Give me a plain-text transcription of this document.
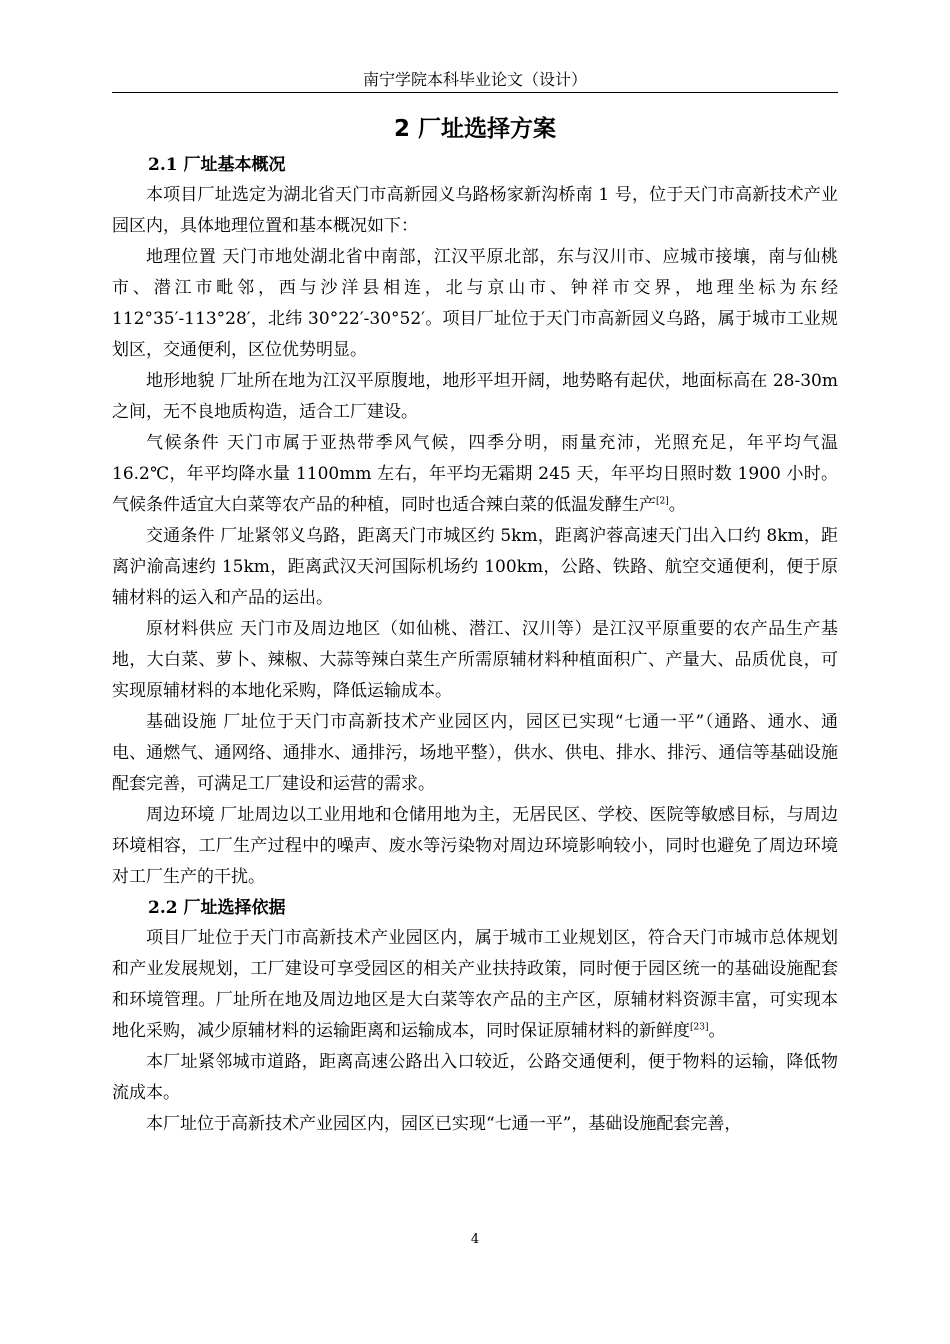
南宁学院本科毕业论文（设计）
2 厂址选择方案
2.1 厂址基本概况

本项目厂址选定为湖北省天门市高新园义乌路杨家新沟桥南 1 号，位于天门市高新技术产业园区内，具体地理位置和基本概况如下：

地理位置 天门市地处湖北省中南部，江汉平原北部，东与汉川市、应城市接壤，南与仙桃市、潜江市毗邻，西与沙洋县相连，北与京山市、钟祥市交界，地理坐标为东经 112°35′-113°28′，北纬 30°22′-30°52′。项目厂址位于天门市高新园义乌路，属于城市工业规划区，交通便利，区位优势明显。

地形地貌 厂址所在地为江汉平原腹地，地形平坦开阔，地势略有起伏，地面标高在 28-30m 之间，无不良地质构造，适合工厂建设。

气候条件 天门市属于亚热带季风气候，四季分明，雨量充沛，光照充足，年平均气温 16.2℃，年平均降水量 1100mm 左右，年平均无霜期 245 天，年平均日照时数 1900 小时。气候条件适宜大白菜等农产品的种植，同时也适合辣白菜的低温发酵生产[2]。

交通条件 厂址紧邻义乌路，距离天门市城区约 5km，距离沪蓉高速天门出入口约 8km，距离沪渝高速约 15km，距离武汉天河国际机场约 100km，公路、铁路、航空交通便利，便于原辅材料的运入和产品的运出。

原材料供应 天门市及周边地区（如仙桃、潜江、汉川等）是江汉平原重要的农产品生产基地，大白菜、萝卜、辣椒、大蒜等辣白菜生产所需原辅材料种植面积广、产量大、品质优良，可实现原辅材料的本地化采购，降低运输成本。

基础设施 厂址位于天门市高新技术产业园区内，园区已实现“七通一平”（通路、通水、通电、通燃气、通网络、通排水、通排污，场地平整），供水、供电、排水、排污、通信等基础设施配套完善，可满足工厂建设和运营的需求。

周边环境 厂址周边以工业用地和仓储用地为主，无居民区、学校、医院等敏感目标，与周边环境相容，工厂生产过程中的噪声、废水等污染物对周边环境影响较小，同时也避免了周边环境对工厂生产的干扰。

2.2 厂址选择依据

项目厂址位于天门市高新技术产业园区内，属于城市工业规划区，符合天门市城市总体规划和产业发展规划，工厂建设可享受园区的相关产业扶持政策，同时便于园区统一的基础设施配套和环境管理。厂址所在地及周边地区是大白菜等农产品的主产区，原辅材料资源丰富，可实现本地化采购，减少原辅材料的运输距离和运输成本，同时保证原辅材料的新鲜度[23]。

本厂址紧邻城市道路，距离高速公路出入口较近，公路交通便利，便于物料的运输，降低物流成本。

本厂址位于高新技术产业园区内，园区已实现“七通一平”，基础设施配套完善，

4
